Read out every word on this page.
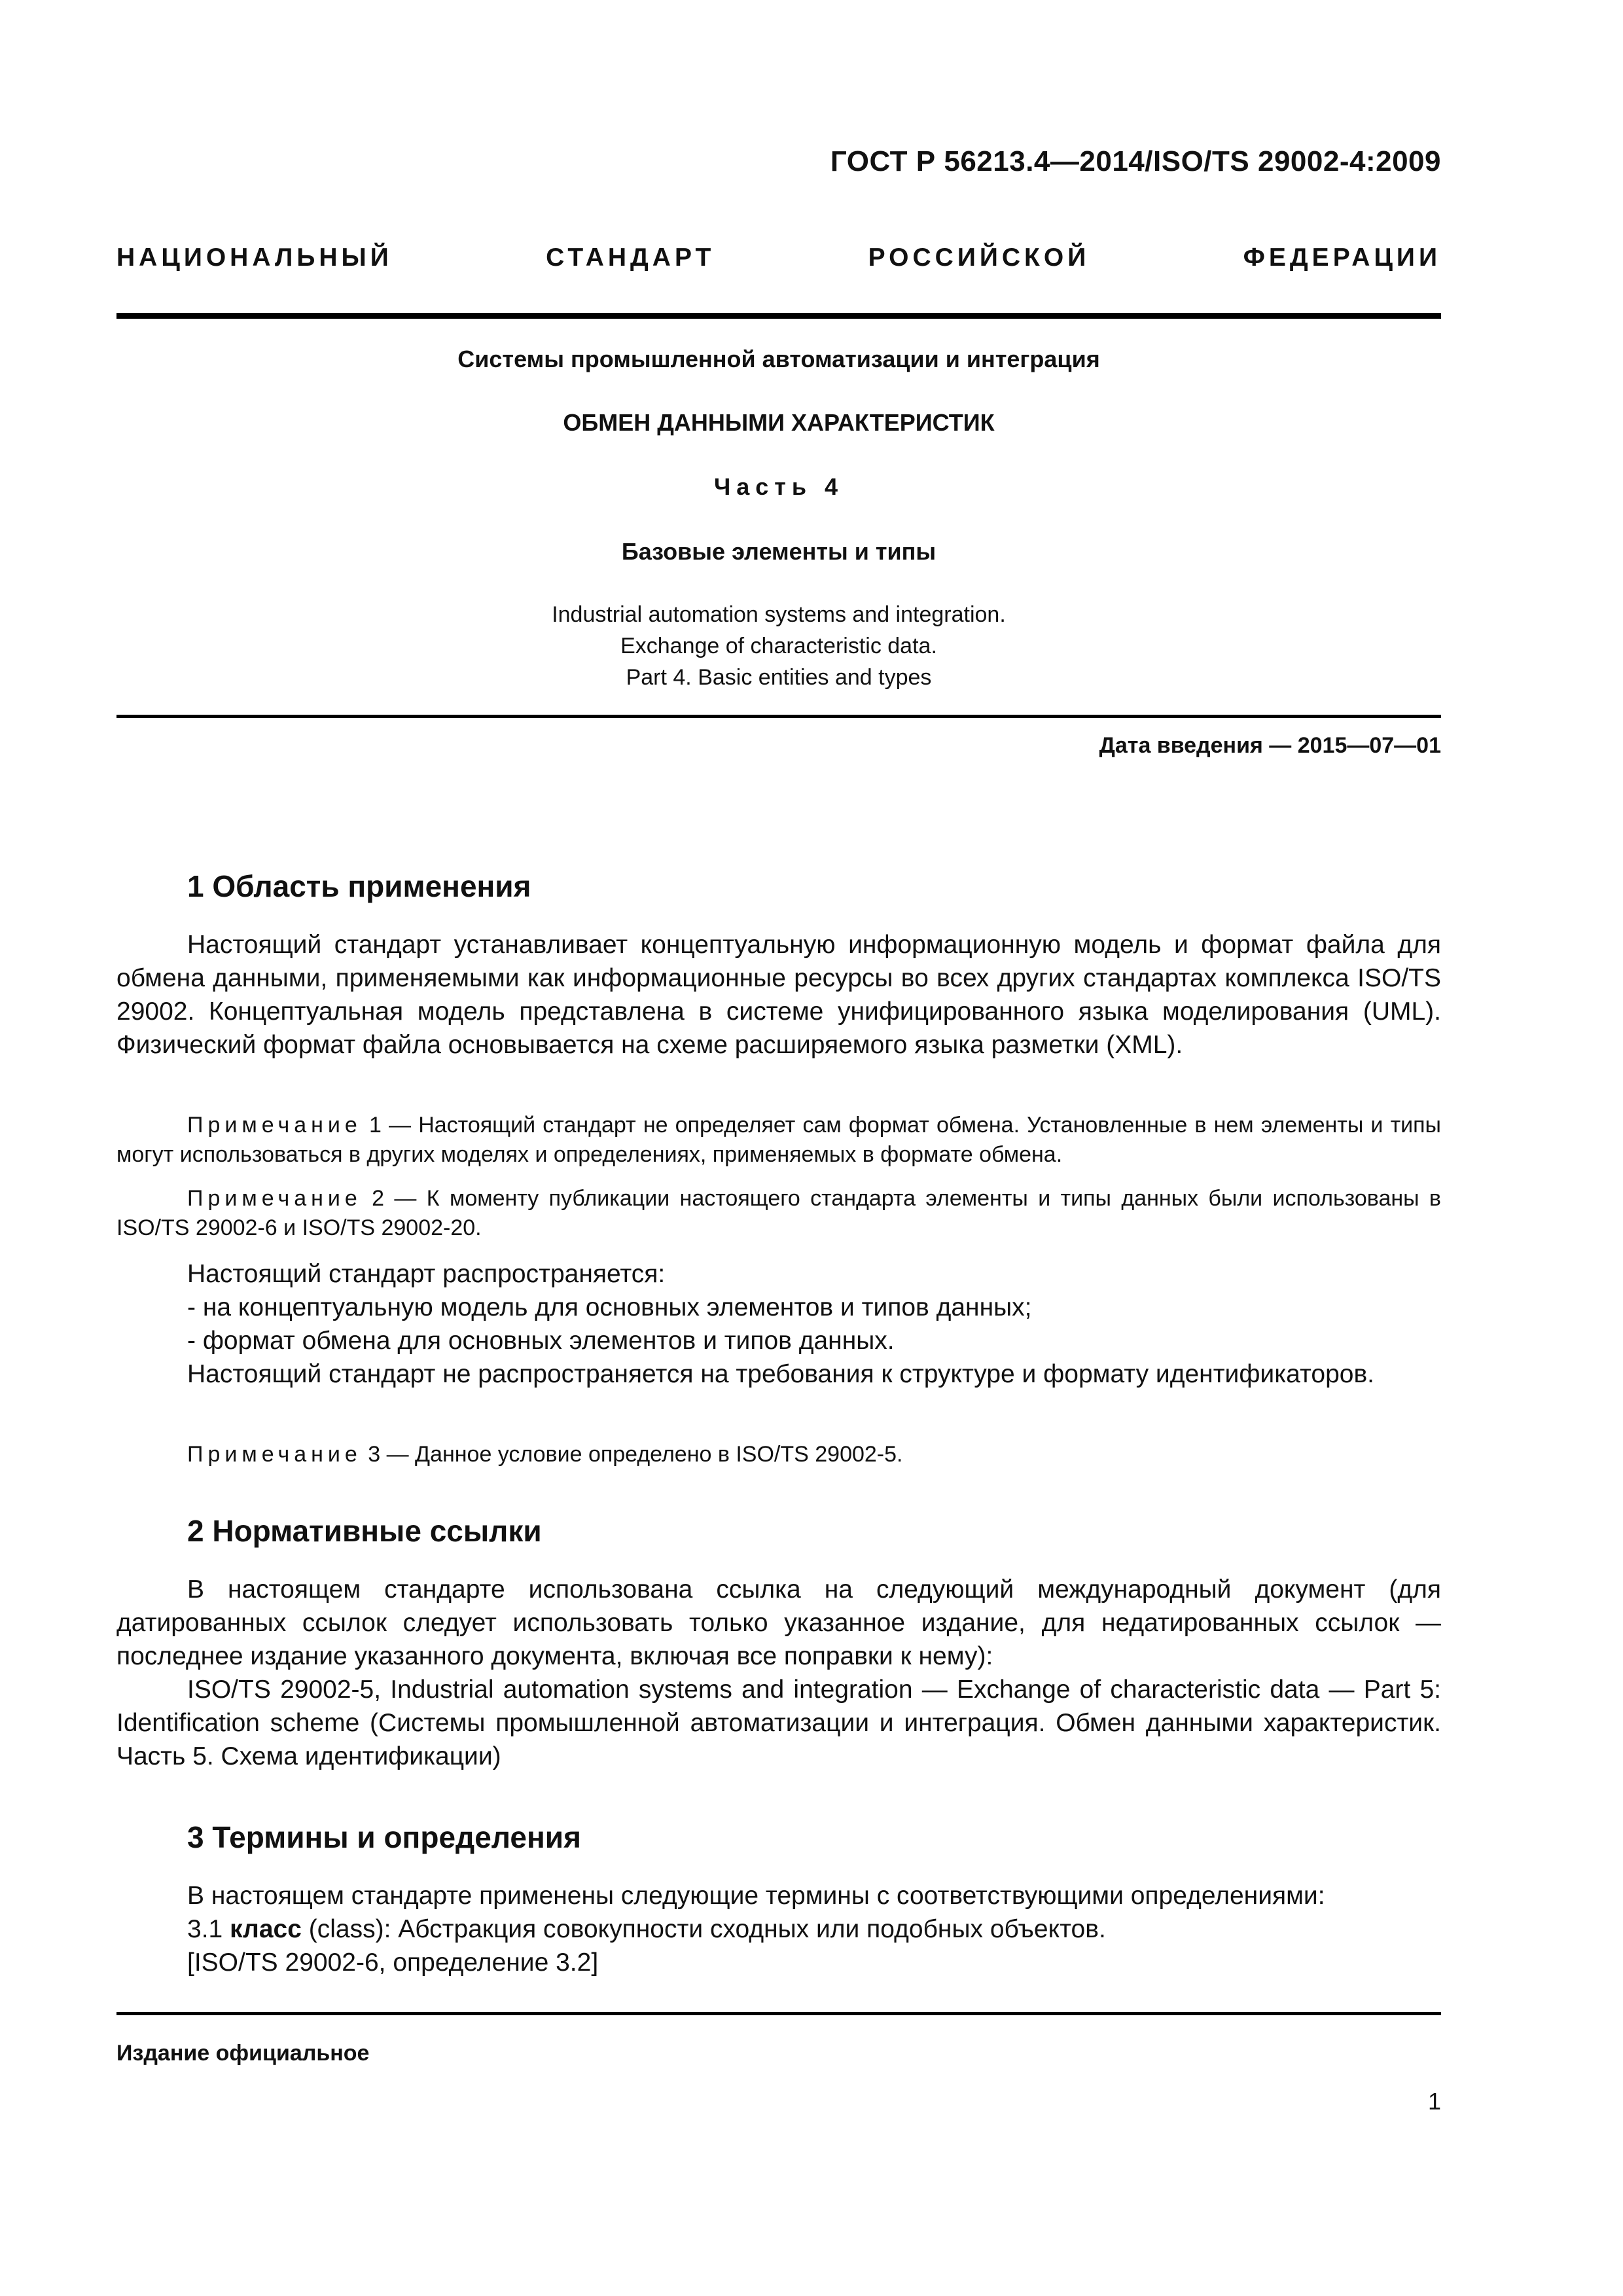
ГОСТ Р 56213.4—2014/ISO/TS 29002-4:2009
НАЦИОНАЛЬНЫЙ СТАНДАРТ РОССИЙСКОЙ ФЕДЕРАЦИИ
Системы промышленной автоматизации и интеграция
ОБМЕН ДАННЫМИ ХАРАКТЕРИСТИК
Часть 4
Базовые элементы и типы
Industrial automation systems and integration.
Exchange of characteristic data.
Part 4. Basic entities and types
Дата введения — 2015—07—01
1 Область применения

Настоящий стандарт устанавливает концептуальную информационную модель и формат файла для обмена данными, применяемыми как информационные ресурсы во всех других стандартах комплекса ISO/TS 29002. Концептуальная модель представлена в системе унифицированного языка моделирования (UML). Физический формат файла основывается на схеме расширяемого языка разметки (XML).

Примечание 1 — Настоящий стандарт не определяет сам формат обмена. Установленные в нем элементы и типы могут использоваться в других моделях и определениях, применяемых в формате обмена.

Примечание 2 — К моменту публикации настоящего стандарта элементы и типы данных были использованы в ISO/TS 29002-6 и ISO/TS 29002-20.

Настоящий стандарт распространяется:
- на концептуальную модель для основных элементов и типов данных;
- формат обмена для основных элементов и типов данных.

Настоящий стандарт не распространяется на требования к структуре и формату идентификаторов.

Примечание 3 — Данное условие определено в ISO/TS 29002-5.

2 Нормативные ссылки

В настоящем стандарте использована ссылка на следующий международный документ (для датированных ссылок следует использовать только указанное издание, для недатированных ссылок — последнее издание указанного документа, включая все поправки к нему):

ISO/TS 29002-5, Industrial automation systems and integration — Exchange of characteristic data — Part 5: Identification scheme (Системы промышленной автоматизации и интеграция. Обмен данными характеристик. Часть 5. Схема идентификации)

3 Термины и определения
В настоящем стандарте применены следующие термины с соответствующими определениями:
3.1 класс (class): Абстракция совокупности сходных или подобных объектов.
[ISO/TS 29002-6, определение 3.2]
Издание официальное
1
